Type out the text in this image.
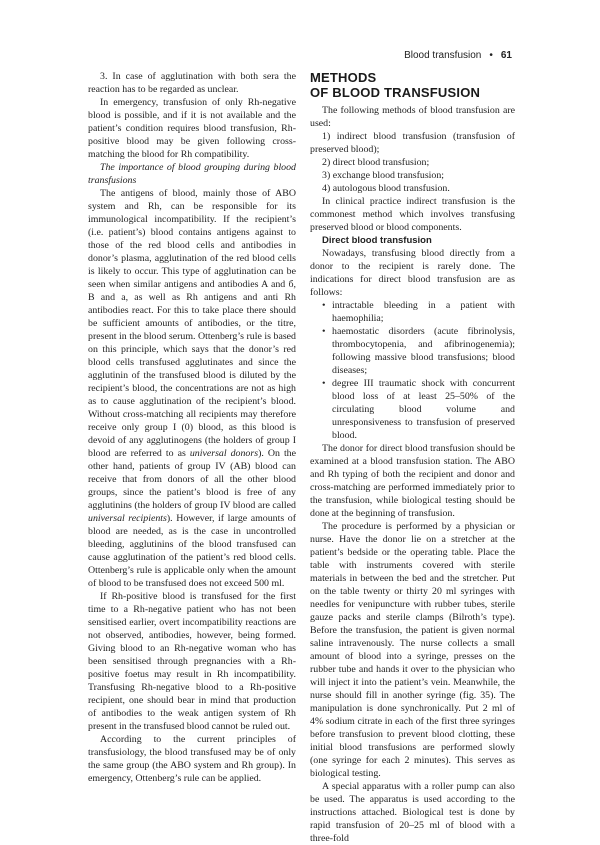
Blood transfusion • 61

3. In case of agglutination with both sera the reaction has to be regarded as unclear.

In emergency, transfusion of only Rh-negative blood is possible, and if it is not available and the patient’s condition requires blood transfusion, Rh-positive blood may be given following cross-matching the blood for Rh compatibility.

The importance of blood grouping during blood transfusions

The antigens of blood, mainly those of ABO system and Rh, can be responsible for its immunological incompatibility. If the recipient’s (i.e. patient’s) blood contains antigens against to those of the red blood cells and antibodies in donor’s plasma, agglutination of the red blood cells is likely to occur. This type of agglutination can be seen when similar antigens and antibodies A and б, B and a, as well as Rh antigens and anti Rh antibodies react. For this to take place there should be sufficient amounts of antibodies, or the titre, present in the blood serum. Ottenberg’s rule is based on this principle, which says that the donor’s red blood cells transfused agglutinates and since the agglutinin of the transfused blood is diluted by the recipient’s blood, the concentrations are not as high as to cause agglutination of the recipient’s blood. Without cross-matching all recipients may therefore receive only group I (0) blood, as this blood is devoid of any agglutinogens (the holders of group I blood are referred to as universal donors). On the other hand, patients of group IV (AB) blood can receive that from donors of all the other blood groups, since the patient’s blood is free of any agglutinins (the holders of group IV blood are called universal recipients). However, if large amounts of blood are needed, as is the case in uncontrolled bleeding, agglutinins of the blood transfused can cause agglutination of the patient’s red blood cells. Ottenberg’s rule is applicable only when the amount of blood to be transfused does not exceed 500 ml.

If Rh-positive blood is transfused for the first time to a Rh-negative patient who has not been sensitised earlier, overt incompatibility reactions are not observed, antibodies, however, being formed. Giving blood to an Rh-negative woman who has been sensitised through pregnancies with a Rh-positive foetus may result in Rh incompatibility. Transfusing Rh-negative blood to a Rh-positive recipient, one should bear in mind that production of antibodies to the weak antigen system of Rh present in the transfused blood cannot be ruled out.

According to the current principles of transfusiology, the blood transfused may be of only the same group (the ABO system and Rh group). In emergency, Ottenberg’s rule can be applied.

METHODS
OF BLOOD TRANSFUSION

The following methods of blood transfusion are used:

1) indirect blood transfusion (transfusion of preserved blood);

2) direct blood transfusion;

3) exchange blood transfusion;

4) autologous blood transfusion.

In clinical practice indirect transfusion is the commonest method which involves transfusing preserved blood or blood components.

Direct blood transfusion

Nowadays, transfusing blood directly from a donor to the recipient is rarely done. The indications for direct blood transfusion are as follows:

• intractable bleeding in a patient with haemophilia;
• haemostatic disorders (acute fibrinolysis, thrombocytopenia, and afibrinogenemia); following massive blood transfusions; blood diseases;
• degree III traumatic shock with concurrent blood loss of at least 25–50% of the circulating blood volume and unresponsiveness to transfusion of preserved blood.

The donor for direct blood transfusion should be examined at a blood transfusion station. The ABO and Rh typing of both the recipient and donor and cross-matching are performed immediately prior to the transfusion, while biological testing should be done at the beginning of transfusion.

The procedure is performed by a physician or nurse. Have the donor lie on a stretcher at the patient’s bedside or the operating table. Place the table with instruments covered with sterile materials in between the bed and the stretcher. Put on the table twenty or thirty 20 ml syringes with needles for venipuncture with rubber tubes, sterile gauze packs and sterile clamps (Bilroth’s type). Before the transfusion, the patient is given normal saline intravenously. The nurse collects a small amount of blood into a syringe, presses on the rubber tube and hands it over to the physician who will inject it into the patient’s vein. Meanwhile, the nurse should fill in another syringe (fig. 35). The manipulation is done synchronically. Put 2 ml of 4% sodium citrate in each of the first three syringes before transfusion to prevent blood clotting, these initial blood transfusions are performed slowly (one syringe for each 2 minutes). This serves as biological testing.

A special apparatus with a roller pump can also be used. The apparatus is used according to the instructions attached. Biological test is done by rapid transfusion of 20–25 ml of blood with a three-fold
